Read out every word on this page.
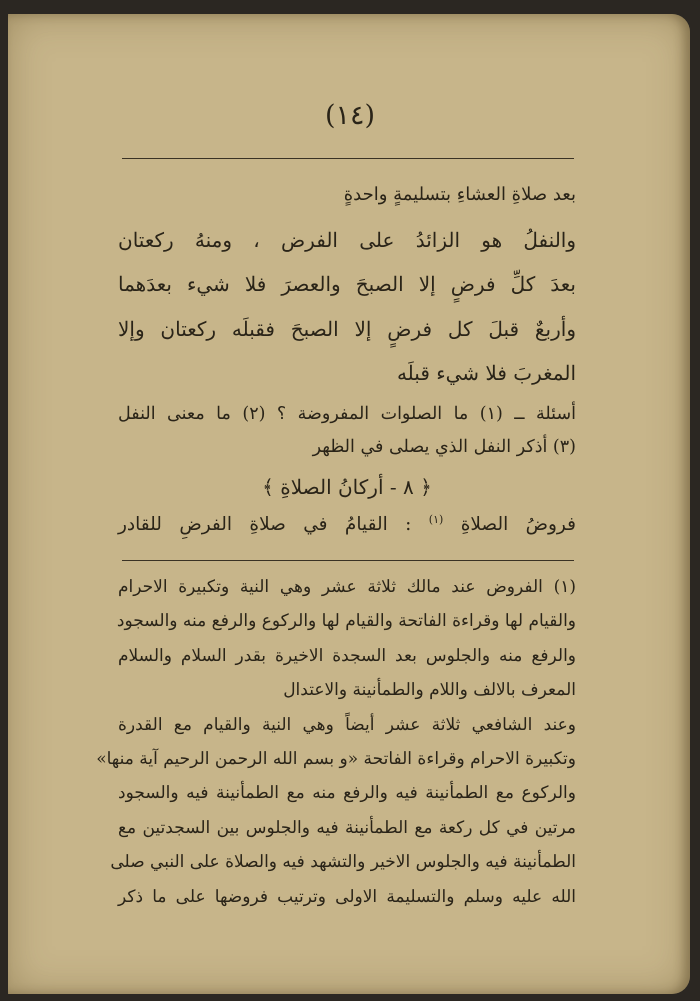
(١٤)
بعد صلاةِ العشاءِ بتسليمةٍ واحدةٍ
والنفلُ هو الزائدُ على الفرض ، ومنهُ ركعتان
بعدَ كلِّ فرضٍ إلا الصبحَ والعصرَ فلا شيء بعدَهما
وأربعٌ قبلَ كل فرضٍ إلا الصبحَ فقبلَه ركعتان وإلا
المغربَ فلا شيء قبلَه
أسئلة ــ (١) ما الصلوات المفروضة ؟ (٢) ما معنى النفل
(٣) أذكر النفل الذي يصلى في الظهر
﴿ ٨ - أركانُ الصلاةِ ﴾
فروضُ الصلاةِ $^{(١)}$ : القيامُ في صلاةِ الفرضِ للقادر
(١) الفروض عند مالك ثلاثة عشر وهي النية وتكبيرة الاحرام
والقيام لها وقراءة الفاتحة والقيام لها والركوع والرفع منه والسجود
والرفع منه والجلوس بعد السجدة الاخيرة بقدر السلام والسلام
المعرف بالالف واللام والطمأنينة والاعتدال
وعند الشافعي ثلاثة عشر أيضاً وهي النية والقيام مع القدرة
وتكبيرة الاحرام وقراءة الفاتحة «و بسم الله الرحمن الرحيم آية منها»
والركوع مع الطمأنينة فيه والرفع منه مع الطمأنينة فيه والسجود
مرتين في كل ركعة مع الطمأنينة فيه والجلوس بين السجدتين مع
الطمأنينة فيه والجلوس الاخير والتشهد فيه والصلاة على النبي صلى
الله عليه وسلم والتسليمة الاولى وترتيب فروضها على ما ذكر
